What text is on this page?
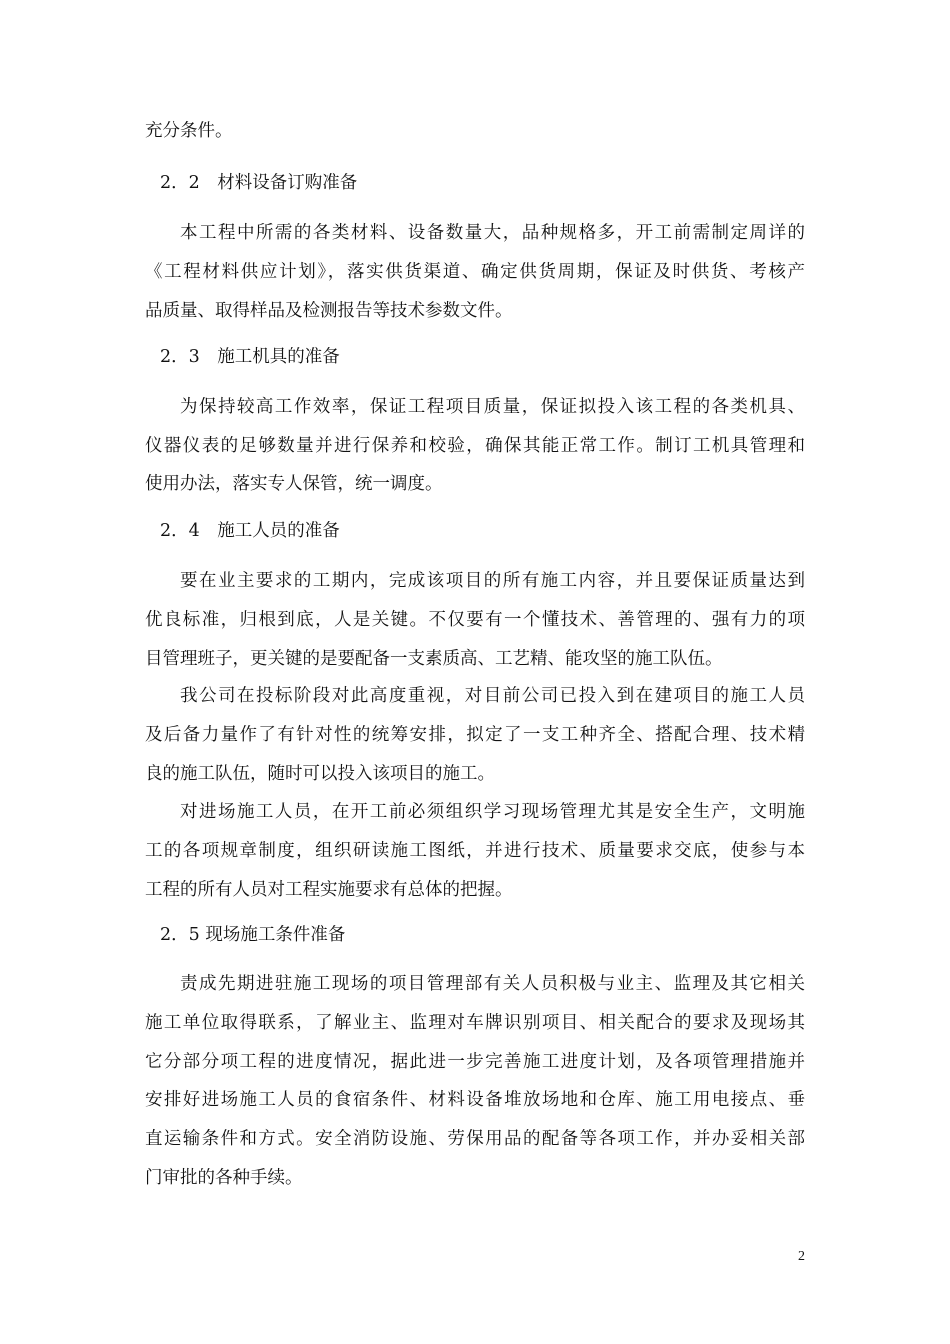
充分条件。
2．2　材料设备订购准备
本工程中所需的各类材料、设备数量大，品种规格多，开工前需制定周详的
《工程材料供应计划》，落实供货渠道、确定供货周期，保证及时供货、考核产
品质量、取得样品及检测报告等技术参数文件。
2．3　施工机具的准备
为保持较高工作效率，保证工程项目质量，保证拟投入该工程的各类机具、
仪器仪表的足够数量并进行保养和校验，确保其能正常工作。制订工机具管理和
使用办法，落实专人保管，统一调度。
2．4　施工人员的准备
要在业主要求的工期内，完成该项目的所有施工内容，并且要保证质量达到
优良标准，归根到底，人是关键。不仅要有一个懂技术、善管理的、强有力的项
目管理班子，更关键的是要配备一支素质高、工艺精、能攻坚的施工队伍。
我公司在投标阶段对此高度重视，对目前公司已投入到在建项目的施工人员
及后备力量作了有针对性的统筹安排，拟定了一支工种齐全、搭配合理、技术精
良的施工队伍，随时可以投入该项目的施工。
对进场施工人员，在开工前必须组织学习现场管理尤其是安全生产，文明施
工的各项规章制度，组织研读施工图纸，并进行技术、质量要求交底，使参与本
工程的所有人员对工程实施要求有总体的把握。
2．5 现场施工条件准备
责成先期进驻施工现场的项目管理部有关人员积极与业主、监理及其它相关
施工单位取得联系，了解业主、监理对车牌识别项目、相关配合的要求及现场其
它分部分项工程的进度情况，据此进一步完善施工进度计划，及各项管理措施并
安排好进场施工人员的食宿条件、材料设备堆放场地和仓库、施工用电接点、垂
直运输条件和方式。安全消防设施、劳保用品的配备等各项工作，并办妥相关部
门审批的各种手续。
2
